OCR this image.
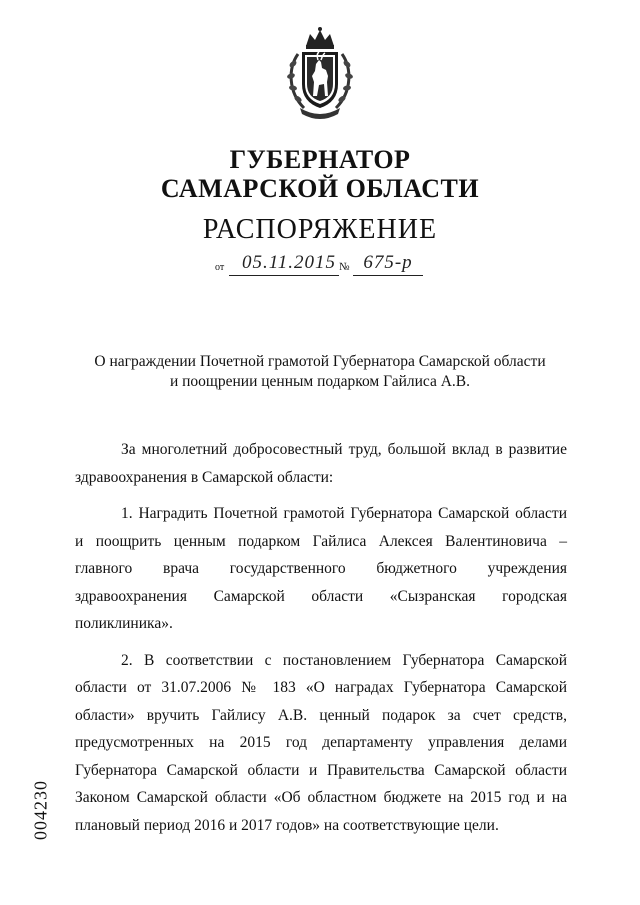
ГУБЕРНАТОР
САМАРСКОЙ ОБЛАСТИ
РАСПОРЯЖЕНИЕ
от 05.11.2015 № 675-р
О награждении Почетной грамотой Губернатора Самарской области
и поощрении ценным подарком Гайлиса А.В.

За многолетний добросовестный труд, большой вклад в развитие здравоохранения в Самарской области:

1. Наградить Почетной грамотой Губернатора Самарской области и поощрить ценным подарком Гайлиса Алексея Валентиновича – главного врача государственного бюджетного учреждения здравоохранения Самарской области «Сызранская городская поликлиника».

2. В соответствии с постановлением Губернатора Самарской области от 31.07.2006 № 183 «О наградах Губернатора Самарской области» вручить Гайлису А.В. ценный подарок за счет средств, предусмотренных на 2015 год департаменту управления делами Губернатора Самарской области и Правительства Самарской области Законом Самарской области «Об областном бюджете на 2015 год и на плановый период 2016 и 2017 годов» на соответствующие цели.

004230
